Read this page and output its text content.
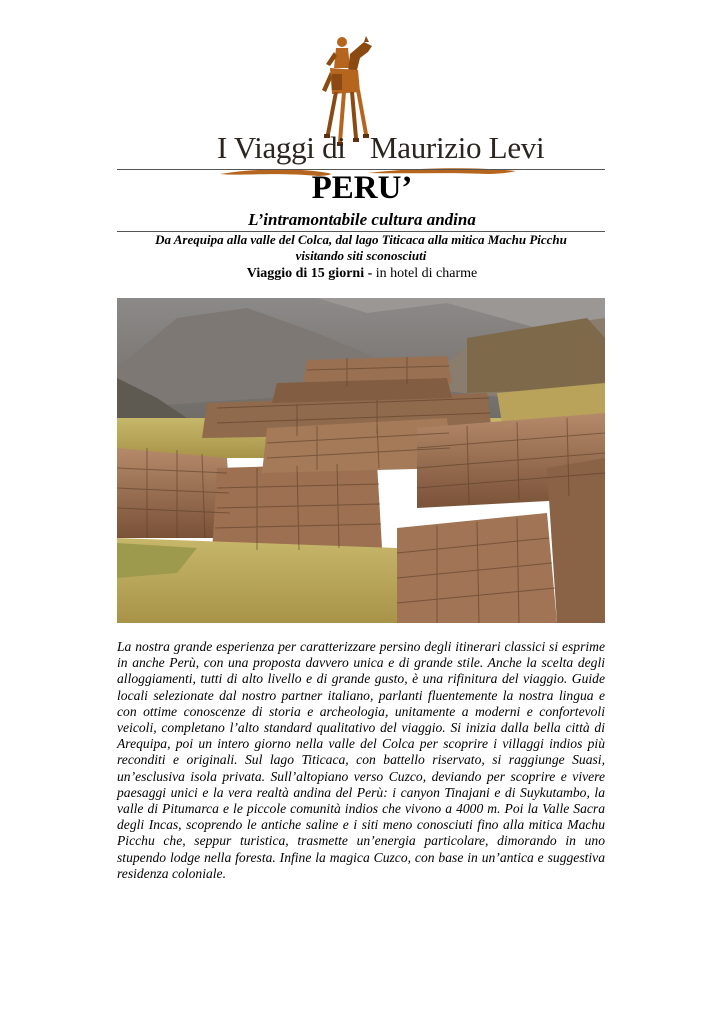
I Viaggi di Maurizio Levi
PERU’
L’intramontabile cultura andina
Da Arequipa alla valle del Colca, dal lago Titicaca alla mitica Machu Picchu
visitando siti sconosciuti
Viaggio di 15 giorni - in hotel di charme
La nostra grande esperienza per caratterizzare persino degli itinerari classici si esprime in anche Perù, con una proposta davvero unica e di grande stile. Anche la scelta degli alloggiamenti, tutti di alto livello e di grande gusto, è una rifinitura del viaggio. Guide locali selezionate dal nostro partner italiano, parlanti fluentemente la nostra lingua e con ottime conoscenze di storia e archeologia, unitamente a moderni e confortevoli veicoli, completano l’alto standard qualitativo del viaggio. Si inizia dalla bella città di Arequipa, poi un intero giorno nella valle del Colca per scoprire i villaggi indios più reconditi e originali. Sul lago Titicaca, con battello riservato, si raggiunge Suasi, un’esclusiva isola privata. Sull’altopiano verso Cuzco, deviando per scoprire e vivere paesaggi unici e la vera realtà andina del Perù: i canyon Tinajani e di Suykutambo, la valle di Pitumarca e le piccole comunità indios che vivono a 4000 m. Poi la Valle Sacra degli Incas, scoprendo le antiche saline e i siti meno conosciuti fino alla mitica Machu Picchu che, seppur turistica, trasmette un’energia particolare, dimorando in uno stupendo lodge nella foresta. Infine la magica Cuzco, con base in un’antica e suggestiva residenza coloniale.
